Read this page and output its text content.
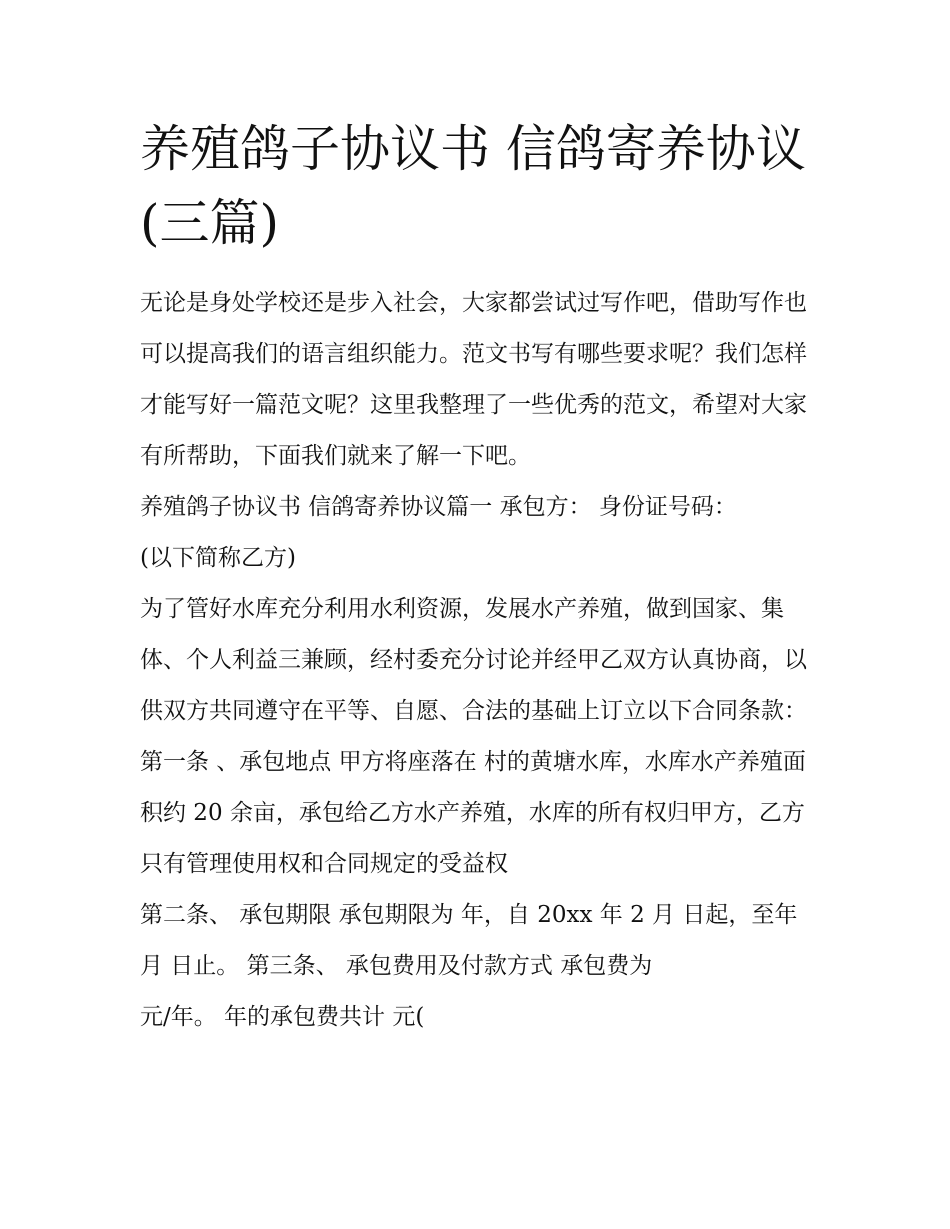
养殖鸽子协议书 信鸽寄养协议
(三篇)

无论是身处学校还是步入社会，大家都尝试过写作吧，借助写作也可以提高我们的语言组织能力。范文书写有哪些要求呢？我们怎样才能写好一篇范文呢？这里我整理了一些优秀的范文，希望对大家有所帮助，下面我们就来了解一下吧。

养殖鸽子协议书 信鸽寄养协议篇一 承包方： 身份证号码：

(以下简称乙方)

为了管好水库充分利用水利资源，发展水产养殖，做到国家、集体、个人利益三兼顾，经村委充分讨论并经甲乙双方认真协商，以供双方共同遵守在平等、自愿、合法的基础上订立以下合同条款：

第一条 、承包地点 甲方将座落在 村的黄塘水库，水库水产养殖面积约 20 余亩，承包给乙方水产养殖，水库的所有权归甲方，乙方只有管理使用权和合同规定的受益权

第二条、 承包期限 承包期限为 年，自 20xx 年 2 月 日起，至年 月 日止。 第三条、 承包费用及付款方式 承包费为

元/年。 年的承包费共计 元(
